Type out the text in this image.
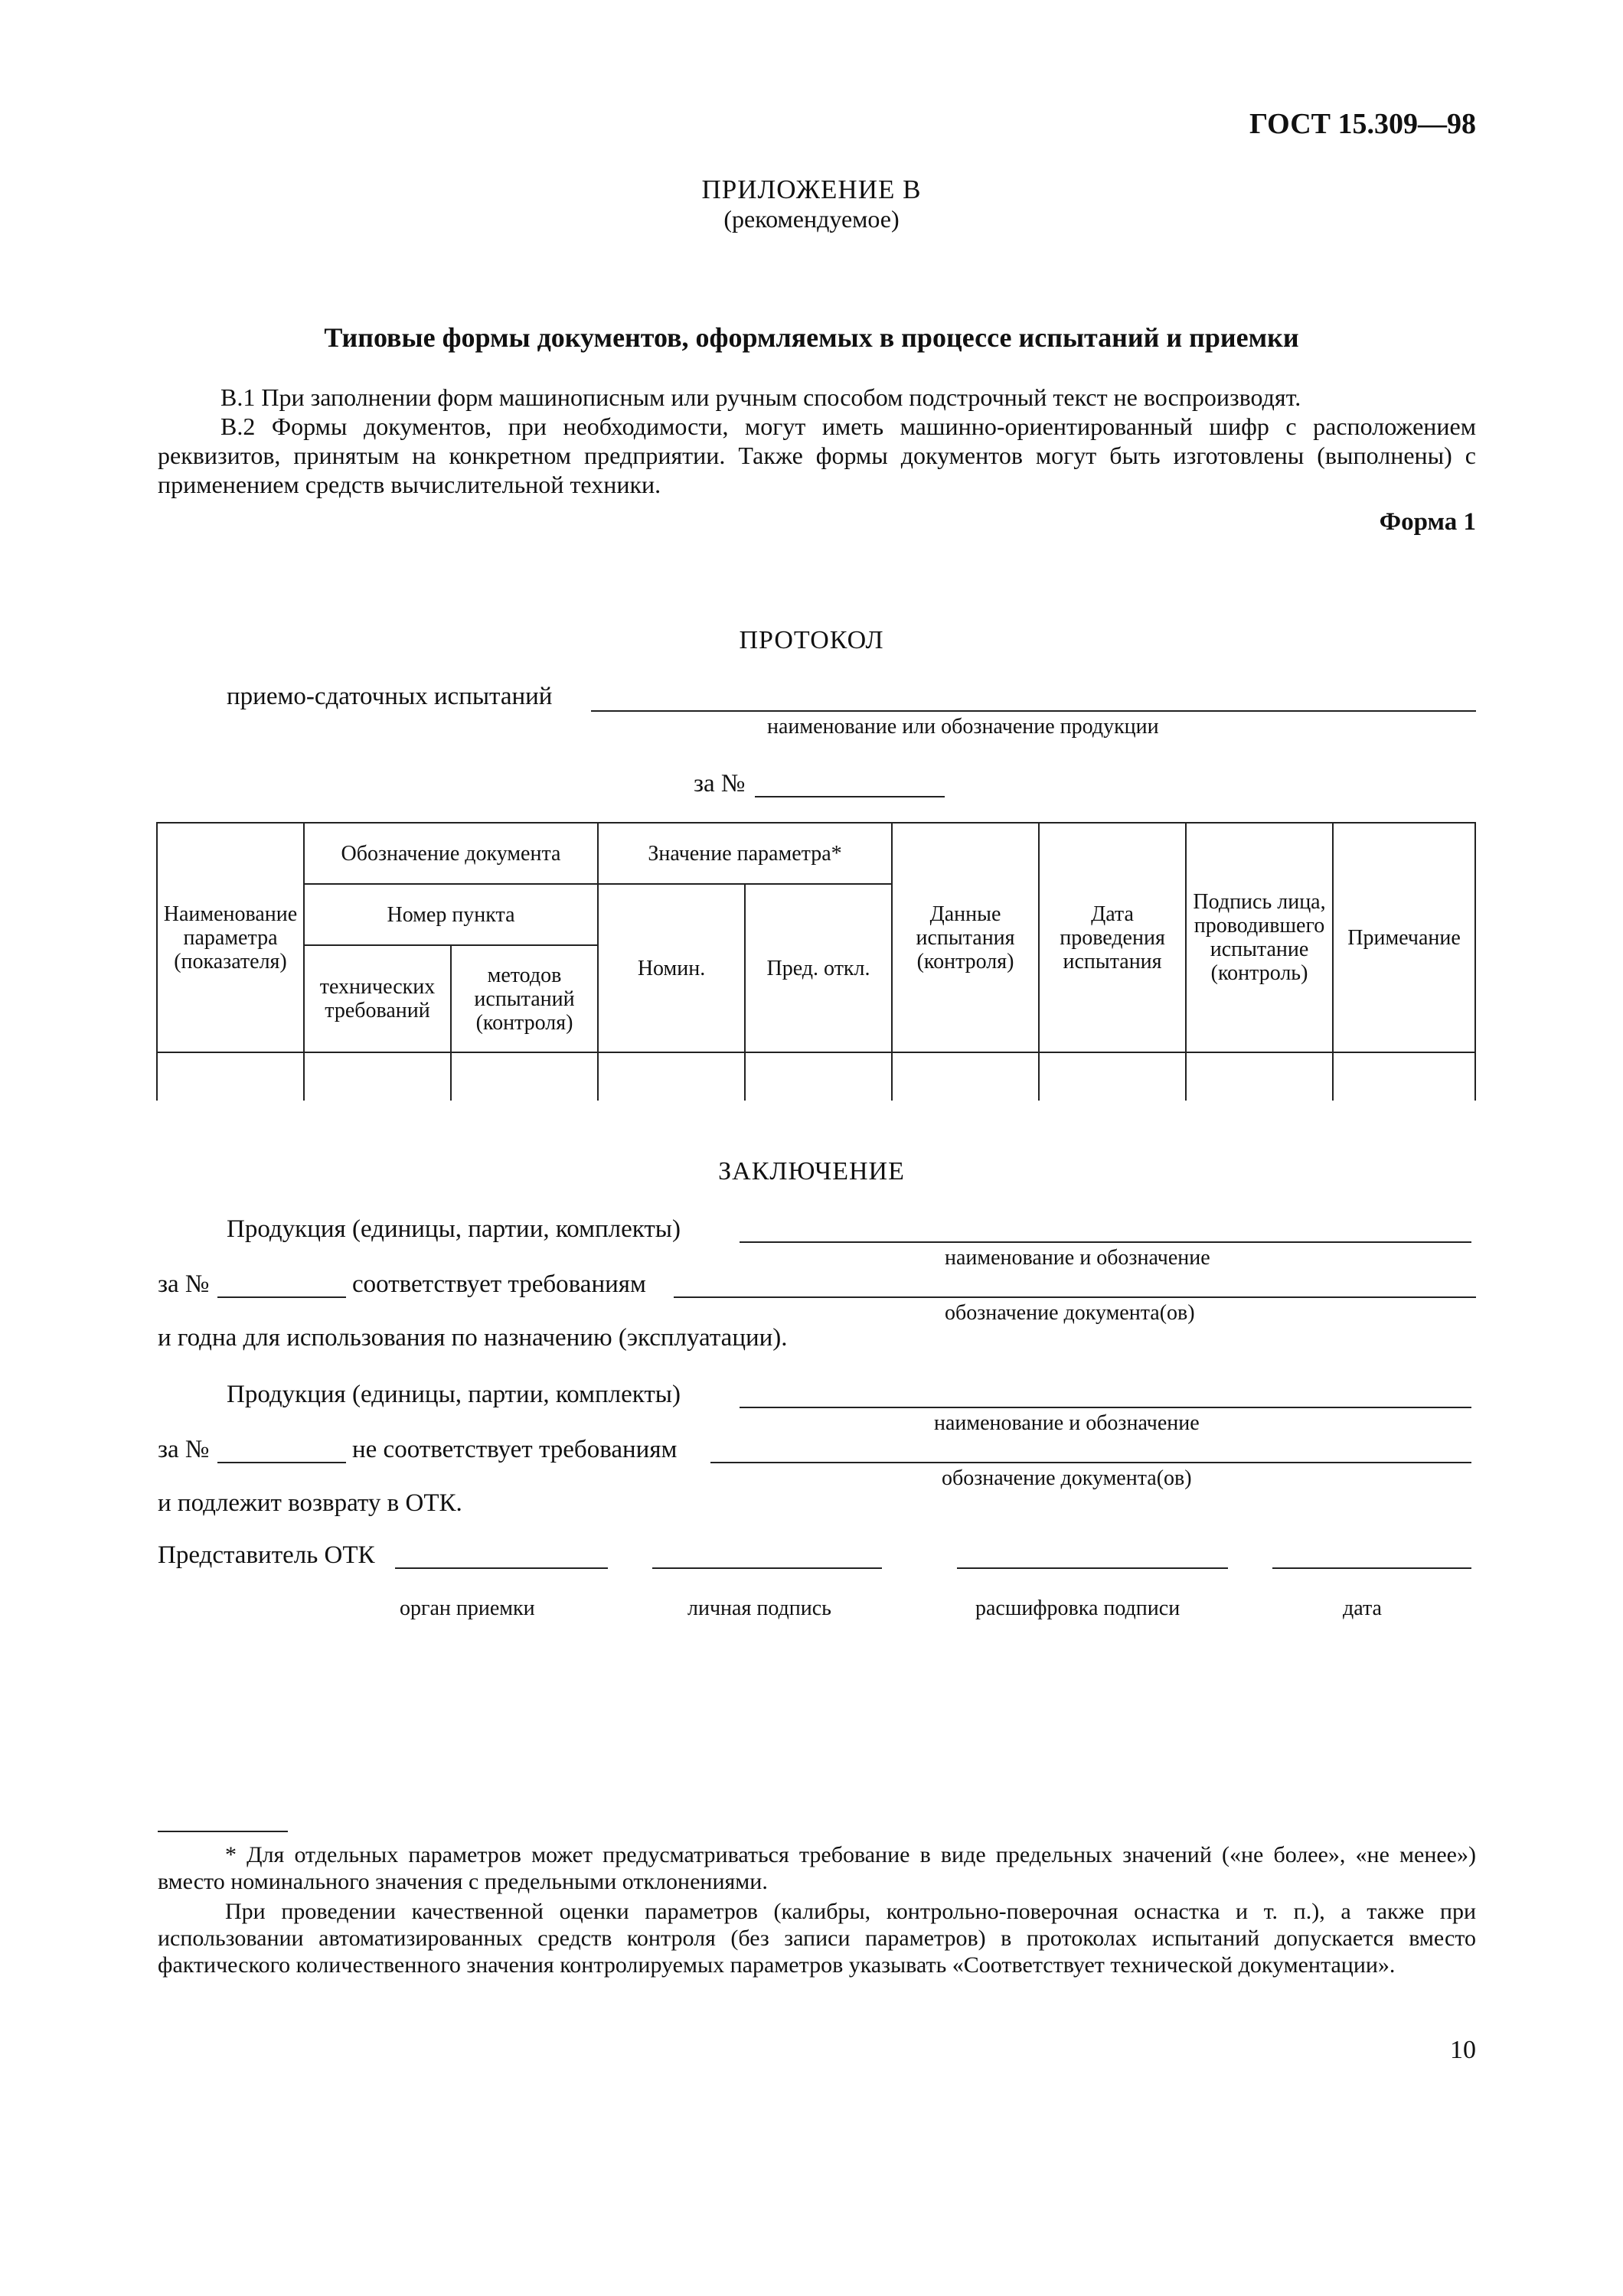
ГОСТ 15.309—98
ПРИЛОЖЕНИЕ В
(рекомендуемое)
Типовые формы документов, оформляемых в процессе испытаний и приемки
В.1 При заполнении форм машинописным или ручным способом подстрочный текст не воспроизводят.
В.2 Формы документов, при необходимости, могут иметь машинно-ориентированный шифр с расположением реквизитов, принятым на конкретном предприятии. Также формы документов могут быть изготовлены (выполнены) с применением средств вычислительной техники.
Форма 1
ПРОТОКОЛ
приемо-сдаточных испытаний
наименование или обозначение продукции
за №
Наименование параметра (показателя)	Обозначение документа		Значение параметра*		Данные испытания (контроля)	Дата проведения испытания	Подпись лица, проводившего испытание (контроль)	Примечание
	Номер пункта		Номин.	Пред. откл.				
	технических требований	методов испытаний (контроля)						

ЗАКЛЮЧЕНИЕ
Продукция (единицы, партии, комплекты)
наименование и обозначение
за №	соответствует требованиям
обозначение документа(ов)
и годна для использования по назначению (эксплуатации).
Продукция (единицы, партии, комплекты)
наименование и обозначение
за №	не соответствует требованиям
обозначение документа(ов)
и подлежит возврату в ОТК.
Представитель ОТК
орган приемки	личная подпись	расшифровка подписи	дата
* Для отдельных параметров может предусматриваться требование в виде предельных значений («не более», «не менее») вместо номинального значения с предельными отклонениями.
При проведении качественной оценки параметров (калибры, контрольно-поверочная оснастка и т. п.), а также при использовании автоматизированных средств контроля (без записи параметров) в протоколах испытаний допускается вместо фактического количественного значения контролируемых параметров указывать «Соответствует технической документации».
10
